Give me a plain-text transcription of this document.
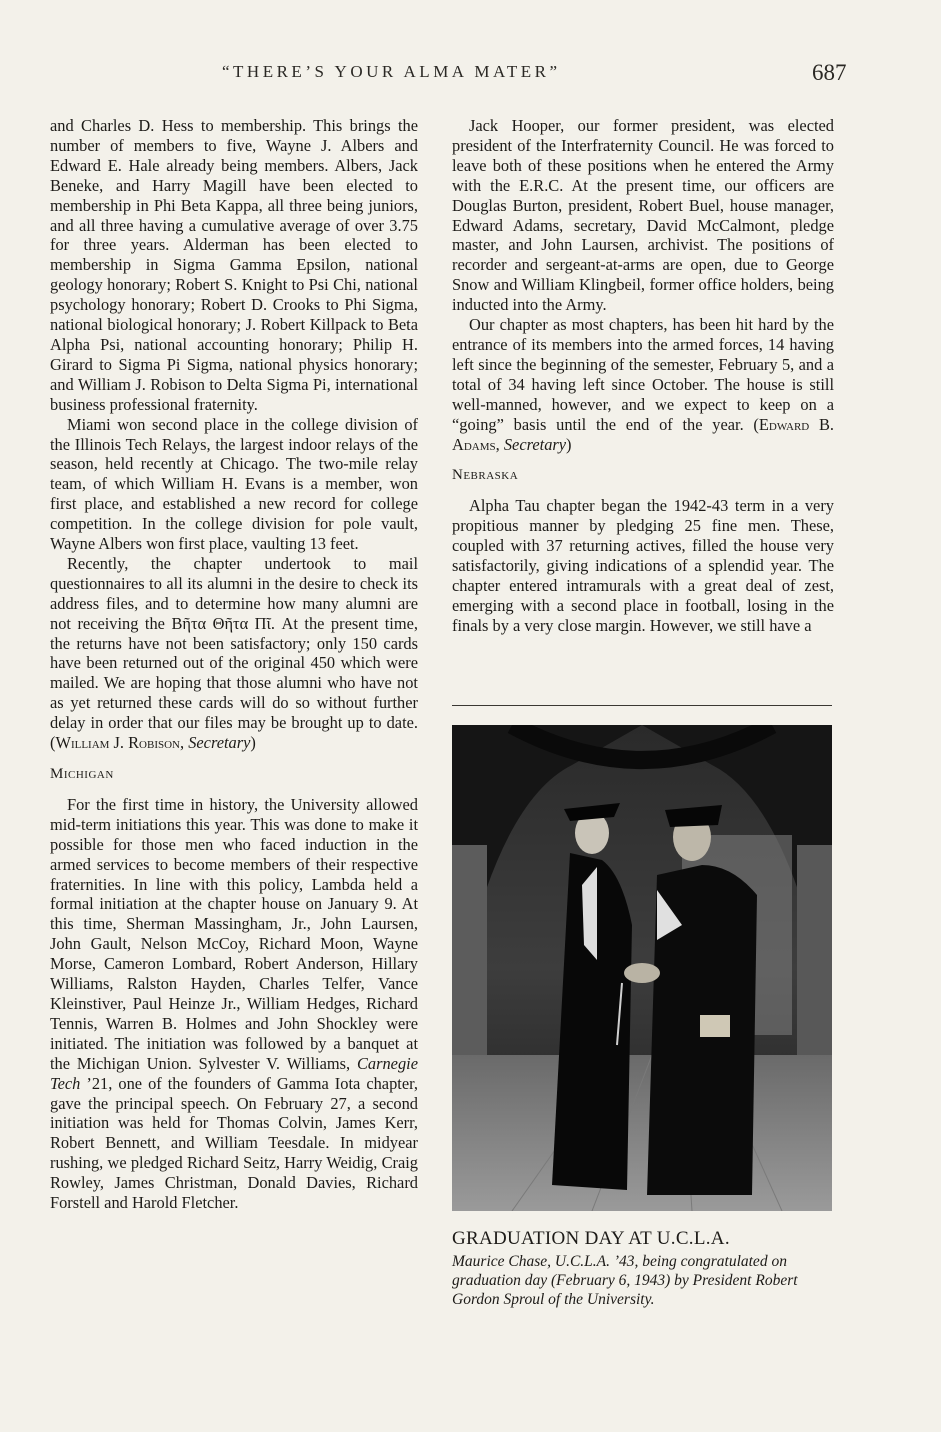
“THERE’S YOUR ALMA MATER”	687

and Charles D. Hess to membership. This brings the number of members to five, Wayne J. Albers and Edward E. Hale already being members. Albers, Jack Beneke, and Harry Magill have been elected to membership in Phi Beta Kappa, all three being juniors, and all three having a cumulative average of over 3.75 for three years. Alderman has been elected to membership in Sigma Gamma Epsilon, national geology honorary; Robert S. Knight to Psi Chi, national psychology honorary; Robert D. Crooks to Phi Sigma, national biological honorary; J. Robert Killpack to Beta Alpha Psi, national accounting honorary; Philip H. Girard to Sigma Pi Sigma, national physics honorary; and William J. Robison to Delta Sigma Pi, international business professional fraternity.

Miami won second place in the college division of the Illinois Tech Relays, the largest indoor relays of the season, held recently at Chicago. The two-mile relay team, of which William H. Evans is a member, won first place, and established a new record for college competition. In the college division for pole vault, Wayne Albers won first place, vaulting 13 feet.

Recently, the chapter undertook to mail questionnaires to all its alumni in the desire to check its address files, and to determine how many alumni are not receiving the Bῆτα Θῆτα Πῖ. At the present time, the returns have not been satisfactory; only 150 cards have been returned out of the original 450 which were mailed. We are hoping that those alumni who have not as yet returned these cards will do so without further delay in order that our files may be brought up to date. (William J. Robison, Secretary)

Michigan

For the first time in history, the University allowed mid-term initiations this year. This was done to make it possible for those men who faced induction in the armed services to become members of their respective fraternities. In line with this policy, Lambda held a formal initiation at the chapter house on January 9. At this time, Sherman Massingham, Jr., John Laursen, John Gault, Nelson McCoy, Richard Moon, Wayne Morse, Cameron Lombard, Robert Anderson, Hillary Williams, Ralston Hayden, Charles Telfer, Vance Kleinstiver, Paul Heinze Jr., William Hedges, Richard Tennis, Warren B. Holmes and John Shockley were initiated. The initiation was followed by a banquet at the Michigan Union. Sylvester V. Williams, Carnegie Tech ’21, one of the founders of Gamma Iota chapter, gave the principal speech. On February 27, a second initiation was held for Thomas Colvin, James Kerr, Robert Bennett, and William Teesdale. In midyear rushing, we pledged Richard Seitz, Harry Weidig, Craig Rowley, James Christman, Donald Davies, Richard Forstell and Harold Fletcher.

Jack Hooper, our former president, was elected president of the Interfraternity Council. He was forced to leave both of these positions when he entered the Army with the E.R.C. At the present time, our officers are Douglas Burton, president, Robert Buel, house manager, Edward Adams, secretary, David McCalmont, pledge master, and John Laursen, archivist. The positions of recorder and sergeant-at-arms are open, due to George Snow and William Klingbeil, former office holders, being inducted into the Army.

Our chapter as most chapters, has been hit hard by the entrance of its members into the armed forces, 14 having left since the beginning of the semester, February 5, and a total of 34 having left since October. The house is still well-manned, however, and we expect to keep on a “going” basis until the end of the year. (Edward B. Adams, Secretary)

Nebraska

Alpha Tau chapter began the 1942-43 term in a very propitious manner by pledging 25 fine men. These, coupled with 37 returning actives, filled the house very satisfactorily, giving indications of a splendid year. The chapter entered intramurals with a great deal of zest, emerging with a second place in football, losing in the finals by a very close margin. However, we still have a

GRADUATION DAY AT U.C.L.A.
Maurice Chase, U.C.L.A. ’43, being congratulated on graduation day (February 6, 1943) by President Robert Gordon Sproul of the University.
